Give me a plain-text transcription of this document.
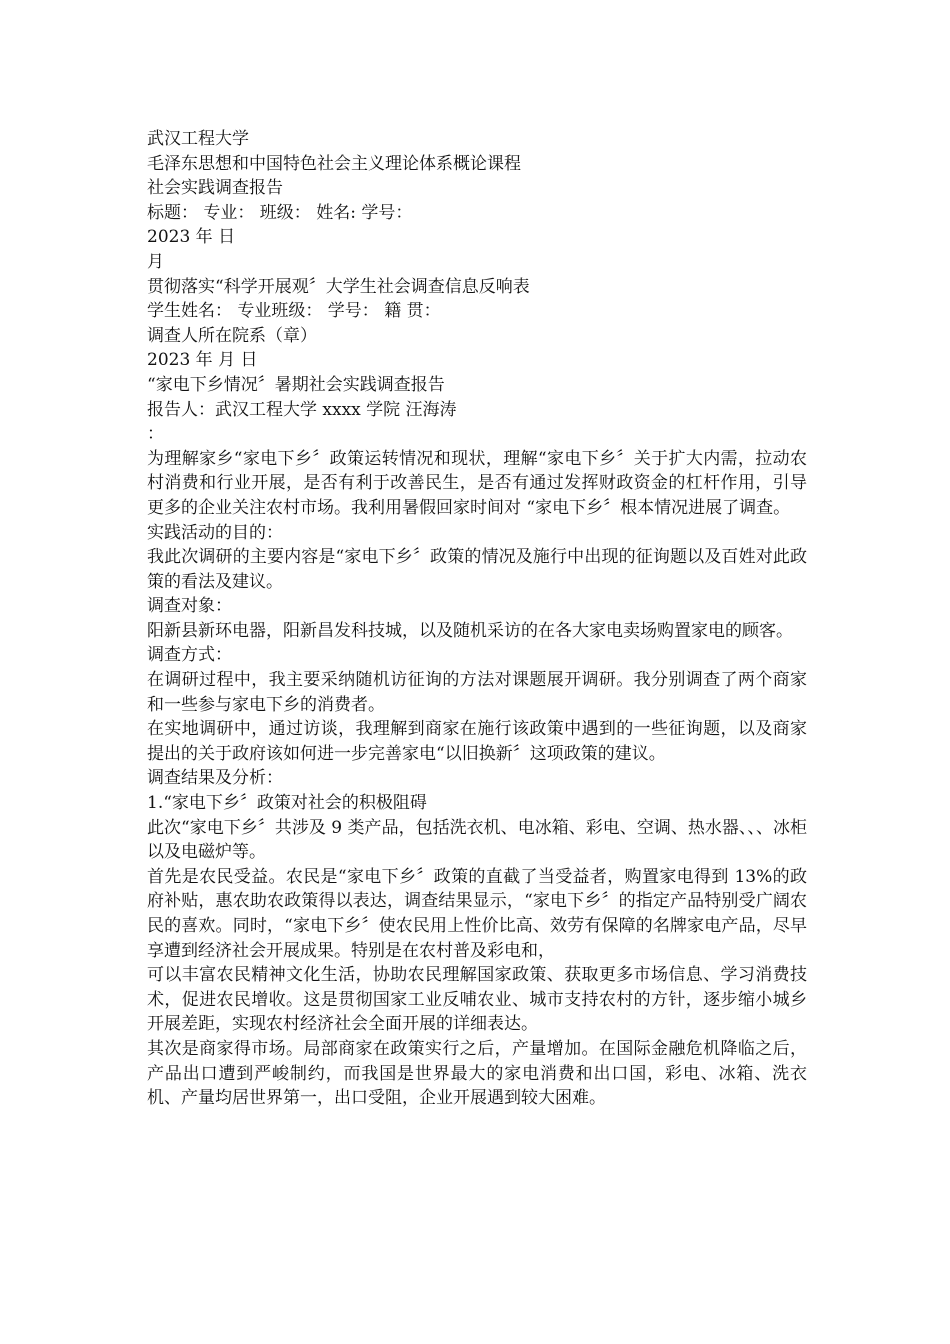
武汉工程大学
毛泽东思想和中国特色社会主义理论体系概论课程
社会实践调查报告
标题： 专业： 班级： 姓名: 学号：
2023 年 日
月
贯彻落实“科学开展观〞大学生社会调查信息反响表
学生姓名： 专业班级： 学号： 籍 贯：
调查人所在院系（章）
2023 年 月 日
“家电下乡情况〞暑期社会实践调查报告
报告人：武汉工程大学 xxxx 学院 汪海涛
：
为理解家乡“家电下乡〞政策运转情况和现状，理解“家电下乡〞关于扩大内需，拉动农村消费和行业开展，是否有利于改善民生，是否有通过发挥财政资金的杠杆作用，引导更多的企业关注农村市场。我利用暑假回家时间对 “家电下乡〞根本情况进展了调查。
实践活动的目的：
我此次调研的主要内容是“家电下乡〞政策的情况及施行中出现的征询题以及百姓对此政策的看法及建议。
调查对象：
阳新县新环电器，阳新昌发科技城，以及随机采访的在各大家电卖场购置家电的顾客。
调查方式：
在调研过程中，我主要采纳随机访征询的方法对课题展开调研。我分别调查了两个商家和一些参与家电下乡的消费者。
在实地调研中，通过访谈，我理解到商家在施行该政策中遇到的一些征询题，以及商家提出的关于政府该如何进一步完善家电“以旧换新〞这项政策的建议。
调查结果及分析：
1.“家电下乡〞政策对社会的积极阻碍
此次“家电下乡〞共涉及 9 类产品，包括洗衣机、电冰箱、彩电、空调、热水器、、、冰柜以及电磁炉等。
首先是农民受益。农民是“家电下乡〞政策的直截了当受益者，购置家电得到 13%的政府补贴，惠农助农政策得以表达，调查结果显示，“家电下乡〞的指定产品特别受广阔农民的喜欢。同时，“家电下乡〞使农民用上性价比高、效劳有保障的名牌家电产品，尽早享遭到经济社会开展成果。特别是在农村普及彩电和，
可以丰富农民精神文化生活，协助农民理解国家政策、获取更多市场信息、学习消费技术，促进农民增收。这是贯彻国家工业反哺农业、城市支持农村的方针，逐步缩小城乡开展差距，实现农村经济社会全面开展的详细表达。
其次是商家得市场。局部商家在政策实行之后，产量增加。在国际金融危机降临之后，产品出口遭到严峻制约，而我国是世界最大的家电消费和出口国，彩电、冰箱、洗衣机、产量均居世界第一，出口受阻，企业开展遇到较大困难。
